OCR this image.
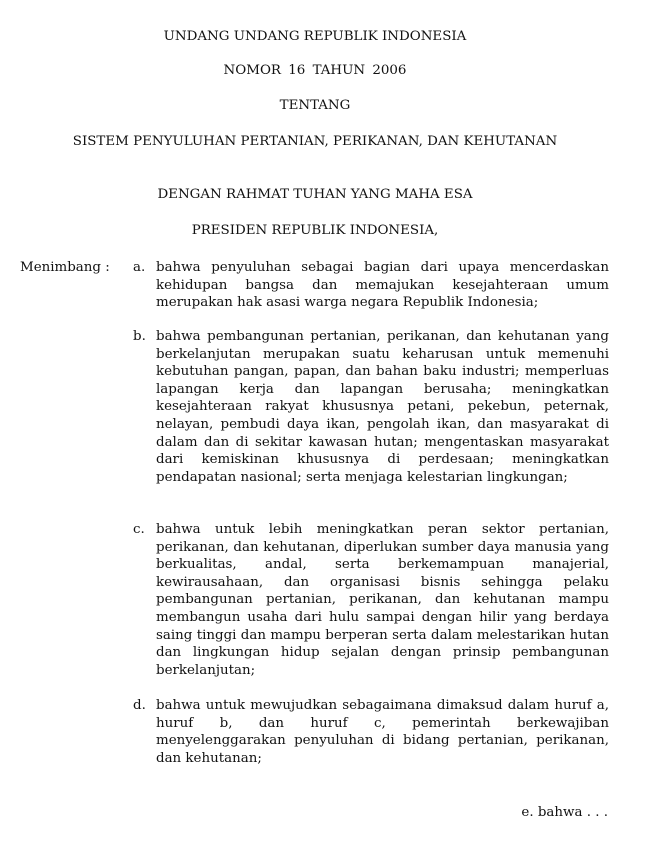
UNDANG UNDANG REPUBLIK INDONESIA
NOMOR 16 TAHUN 2006
TENTANG
SISTEM PENYULUHAN PERTANIAN, PERIKANAN, DAN KEHUTANAN
DENGAN RAHMAT TUHAN YANG MAHA ESA
PRESIDEN REPUBLIK INDONESIA,
Menimbang : a. bahwa penyuluhan sebagai bagian dari upaya mencerdaskan kehidupan bangsa dan memajukan kesejahteraan umum merupakan hak asasi warga negara Republik Indonesia;
b. bahwa pembangunan pertanian, perikanan, dan kehutanan yang berkelanjutan merupakan suatu keharusan untuk memenuhi kebutuhan pangan, papan, dan bahan baku industri; memperluas lapangan kerja dan lapangan berusaha; meningkatkan kesejahteraan rakyat khususnya petani, pekebun, peternak, nelayan, pembudi daya ikan, pengolah ikan, dan masyarakat di dalam dan di sekitar kawasan hutan; mengentaskan masyarakat dari kemiskinan khususnya di perdesaan; meningkatkan pendapatan nasional; serta menjaga kelestarian lingkungan;
c. bahwa untuk lebih meningkatkan peran sektor pertanian, perikanan, dan kehutanan, diperlukan sumber daya manusia yang berkualitas, andal, serta berkemampuan manajerial, kewirausahaan, dan organisasi bisnis sehingga pelaku pembangunan pertanian, perikanan, dan kehutanan mampu membangun usaha dari hulu sampai dengan hilir yang berdaya saing tinggi dan mampu berperan serta dalam melestarikan hutan dan lingkungan hidup sejalan dengan prinsip pembangunan berkelanjutan;
d. bahwa untuk mewujudkan sebagaimana dimaksud dalam huruf a, huruf b, dan huruf c, pemerintah berkewajiban menyelenggarakan penyuluhan di bidang pertanian, perikanan, dan kehutanan;
e. bahwa . . .
